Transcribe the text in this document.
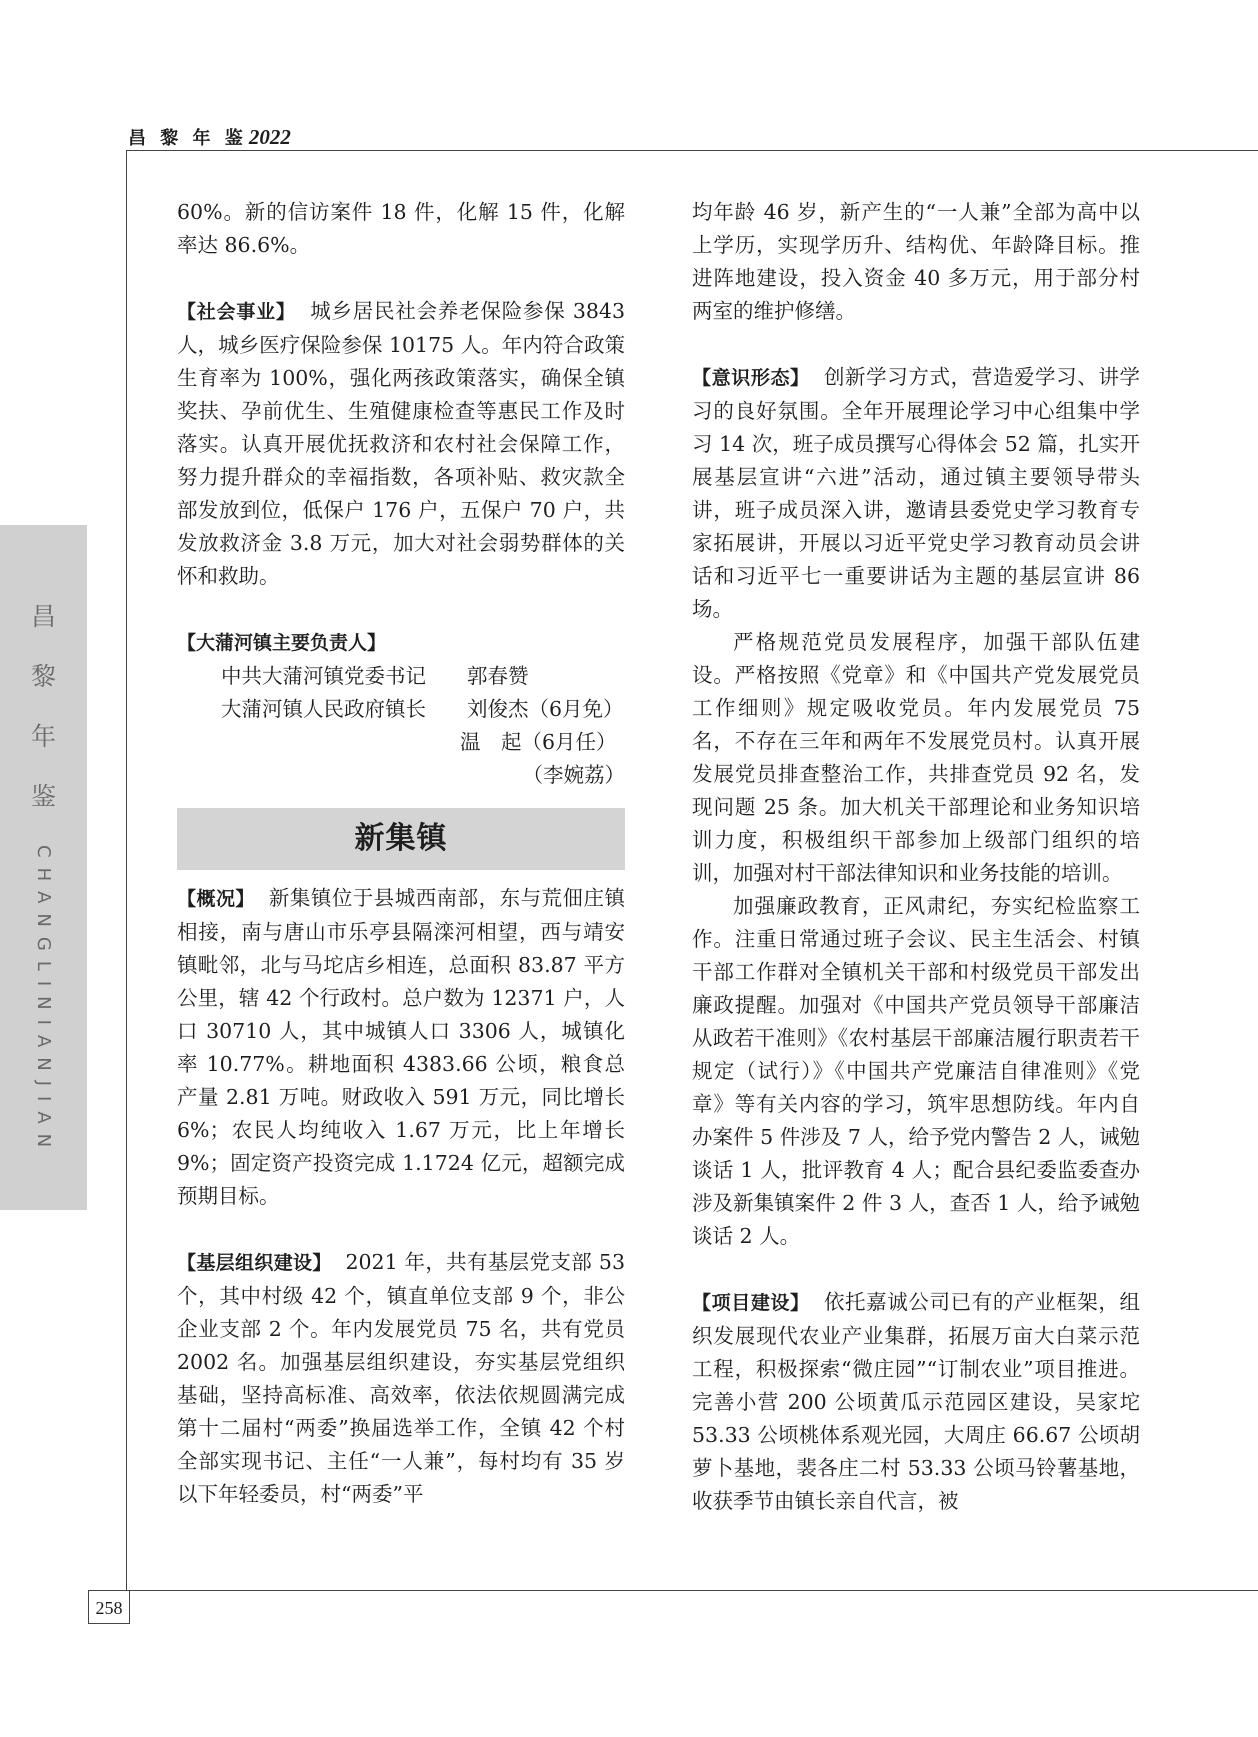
昌 黎 年 鉴2022
昌
黎
年
鉴
CHANGLINIANJIAN
258

60%。新的信访案件 18 件，化解 15 件，化解率达 86.6%。

【社会事业】 城乡居民社会养老保险参保 3843 人，城乡医疗保险参保 10175 人。年内符合政策生育率为 100%，强化两孩政策落实，确保全镇奖扶、孕前优生、生殖健康检查等惠民工作及时落实。认真开展优抚救济和农村社会保障工作，努力提升群众的幸福指数，各项补贴、救灾款全部发放到位，低保户 176 户，五保户 70 户，共发放救济金 3.8 万元，加大对社会弱势群体的关怀和救助。

【大蒲河镇主要负责人】

中共大蒲河镇党委书记　　郭春赞

大蒲河镇人民政府镇长　　刘俊杰（6月免）

温　起（6月任）

（李婉荔）

新集镇

【概况】 新集镇位于县城西南部，东与荒佃庄镇相接，南与唐山市乐亭县隔滦河相望，西与靖安镇毗邻，北与马坨店乡相连，总面积 83.87 平方公里，辖 42 个行政村。总户数为 12371 户，人口 30710 人，其中城镇人口 3306 人，城镇化率 10.77%。耕地面积 4383.66 公顷，粮食总产量 2.81 万吨。财政收入 591 万元，同比增长 6%；农民人均纯收入 1.67 万元，比上年增长 9%；固定资产投资完成 1.1724 亿元，超额完成预期目标。

【基层组织建设】 2021 年，共有基层党支部 53 个，其中村级 42 个，镇直单位支部 9 个，非公企业支部 2 个。年内发展党员 75 名，共有党员 2002 名。加强基层组织建设，夯实基层党组织基础，坚持高标准、高效率，依法依规圆满完成第十二届村“两委”换届选举工作，全镇 42 个村全部实现书记、主任“一人兼”，每村均有 35 岁以下年轻委员，村“两委”平

均年龄 46 岁，新产生的“一人兼”全部为高中以上学历，实现学历升、结构优、年龄降目标。推进阵地建设，投入资金 40 多万元，用于部分村两室的维护修缮。

【意识形态】 创新学习方式，营造爱学习、讲学习的良好氛围。全年开展理论学习中心组集中学习 14 次，班子成员撰写心得体会 52 篇，扎实开展基层宣讲“六进”活动，通过镇主要领导带头讲，班子成员深入讲，邀请县委党史学习教育专家拓展讲，开展以习近平党史学习教育动员会讲话和习近平七一重要讲话为主题的基层宣讲 86 场。

严格规范党员发展程序，加强干部队伍建设。严格按照《党章》和《中国共产党发展党员工作细则》规定吸收党员。年内发展党员 75 名，不存在三年和两年不发展党员村。认真开展发展党员排查整治工作，共排查党员 92 名，发现问题 25 条。加大机关干部理论和业务知识培训力度，积极组织干部参加上级部门组织的培训，加强对村干部法律知识和业务技能的培训。

加强廉政教育，正风肃纪，夯实纪检监察工作。注重日常通过班子会议、民主生活会、村镇干部工作群对全镇机关干部和村级党员干部发出廉政提醒。加强对《中国共产党员领导干部廉洁从政若干准则》《农村基层干部廉洁履行职责若干规定（试行）》《中国共产党廉洁自律准则》《党章》等有关内容的学习，筑牢思想防线。年内自办案件 5 件涉及 7 人，给予党内警告 2 人，诫勉谈话 1 人，批评教育 4 人；配合县纪委监委查办涉及新集镇案件 2 件 3 人，查否 1 人，给予诫勉谈话 2 人。

【项目建设】 依托嘉诚公司已有的产业框架，组织发展现代农业产业集群，拓展万亩大白菜示范工程，积极探索“微庄园”“订制农业”项目推进。完善小营 200 公顷黄瓜示范园区建设，吴家坨 53.33 公顷桃体系观光园，大周庄 66.67 公顷胡萝卜基地，裴各庄二村 53.33 公顷马铃薯基地，收获季节由镇长亲自代言，被
